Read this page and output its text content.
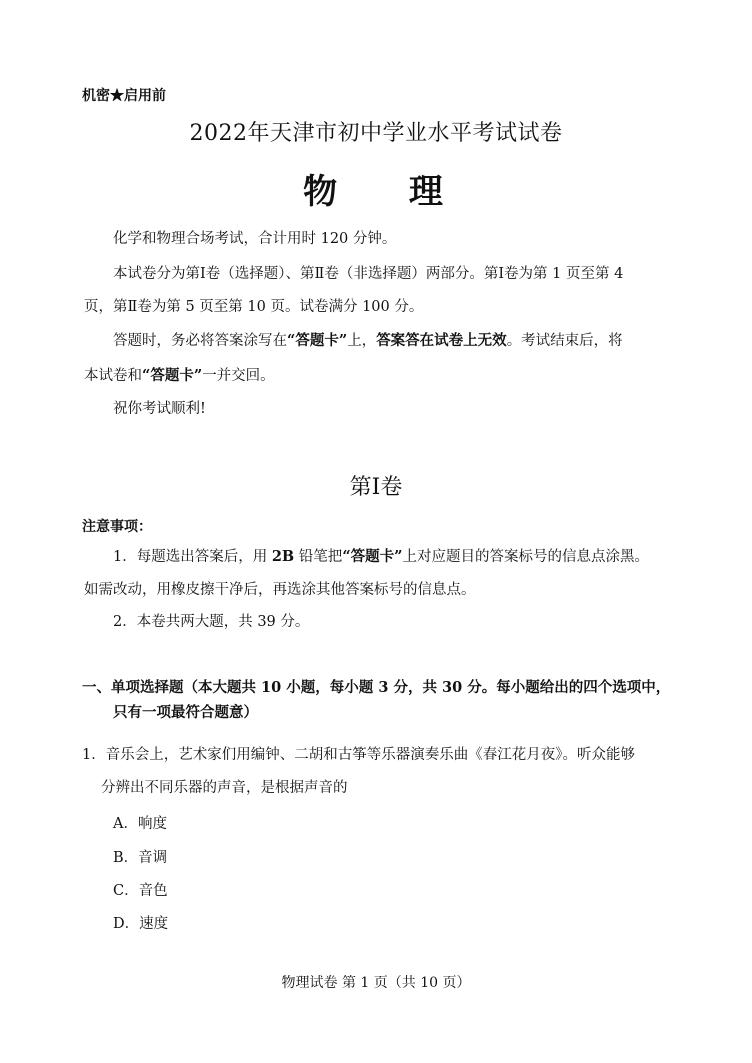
机密★启用前
2022年天津市初中学业水平考试试卷
物 理
化学和物理合场考试，合计用时 120 分钟。
本试卷分为第Ⅰ卷（选择题）、第Ⅱ卷（非选择题）两部分。第Ⅰ卷为第 1 页至第 4
页，第Ⅱ卷为第 5 页至第 10 页。试卷满分 100 分。
答题时，务必将答案涂写在“答题卡”上，答案答在试卷上无效。考试结束后，将
本试卷和“答题卡”一并交回。
祝你考试顺利!
第Ⅰ卷
注意事项：
1．每题选出答案后，用 2B 铅笔把“答题卡”上对应题目的答案标号的信息点涂黑。
如需改动，用橡皮擦干净后，再选涂其他答案标号的信息点。
2．本卷共两大题，共 39 分。
一、单项选择题（本大题共 10 小题，每小题 3 分，共 30 分。每小题给出的四个选项中，
只有一项最符合题意）
1．音乐会上，艺术家们用编钟、二胡和古筝等乐器演奏乐曲《春江花月夜》。听众能够
分辨出不同乐器的声音，是根据声音的
A．响度
B．音调
C．音色
D．速度
物理试卷 第 1 页（共 10 页）
